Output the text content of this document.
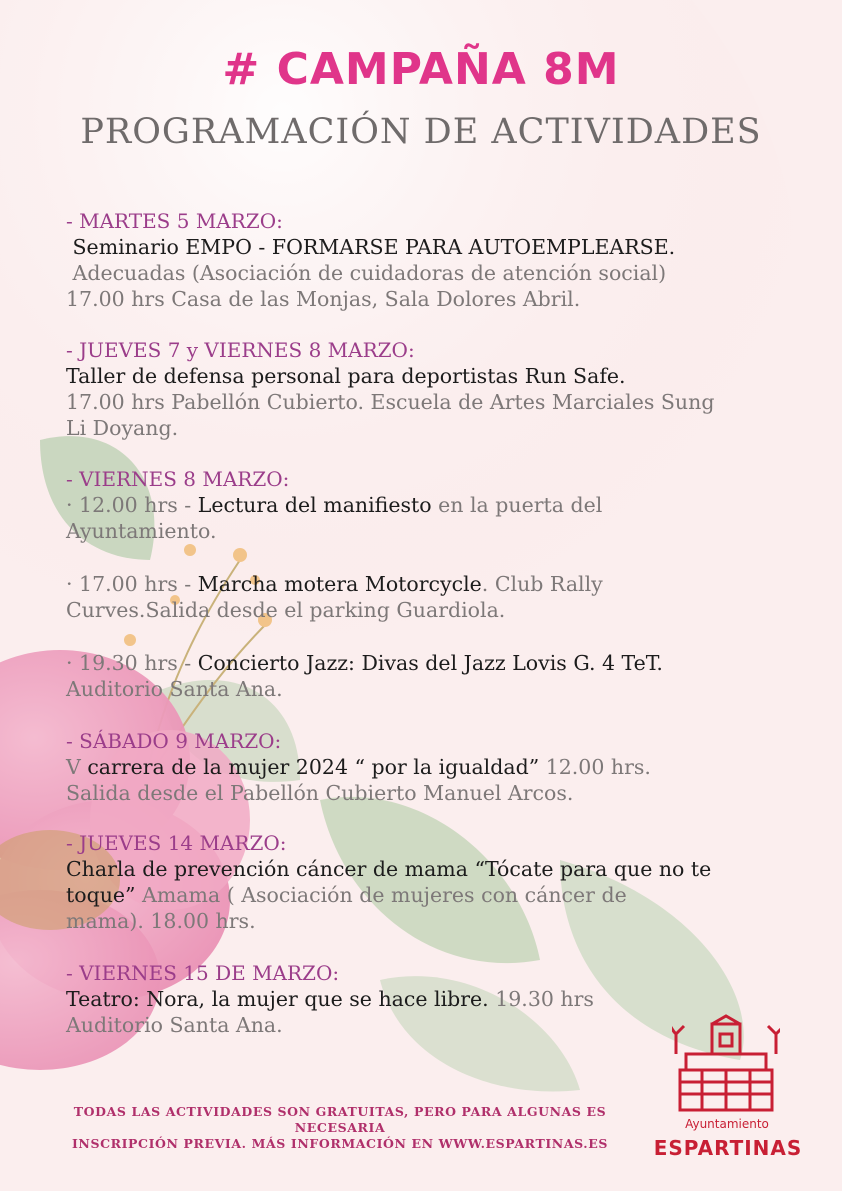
# CAMPAÑA 8M
PROGRAMACIÓN DE ACTIVIDADES
- MARTES 5 MARZO:
Seminario EMPO - FORMARSE PARA AUTOEMPLEARSE.
Adecuadas (Asociación de cuidadoras de atención social)
17.00 hrs Casa de las Monjas, Sala Dolores Abril.
- JUEVES 7 y VIERNES 8 MARZO:
Taller de defensa personal para deportistas Run Safe.
17.00 hrs Pabellón Cubierto. Escuela de Artes Marciales Sung
Li Doyang.
- VIERNES 8 MARZO:
· 12.00 hrs - Lectura del manifiesto en la puerta del
Ayuntamiento.
· 17.00 hrs - Marcha motera Motorcycle. Club Rally
Curves.Salida desde el parking Guardiola.
· 19.30 hrs - Concierto Jazz: Divas del Jazz Lovis G. 4 TeT.
Auditorio Santa Ana.
- SÁBADO 9 MARZO:
V carrera de la mujer 2024 “ por la igualdad” 12.00 hrs.
Salida desde el Pabellón Cubierto Manuel Arcos.
- JUEVES 14 MARZO:
Charla de prevención cáncer de mama “Tócate para que no te
toque” Amama ( Asociación de mujeres con cáncer de
mama). 18.00 hrs.
- VIERNES 15 DE MARZO:
Teatro: Nora, la mujer que se hace libre. 19.30 hrs
Auditorio Santa Ana.
TODAS LAS ACTIVIDADES SON GRATUITAS, PERO PARA ALGUNAS ES NECESARIA
INSCRIPCIÓN PREVIA. MÁS INFORMACIÓN EN WWW.ESPARTINAS.ES
Ayuntamiento
ESPARTINAS
